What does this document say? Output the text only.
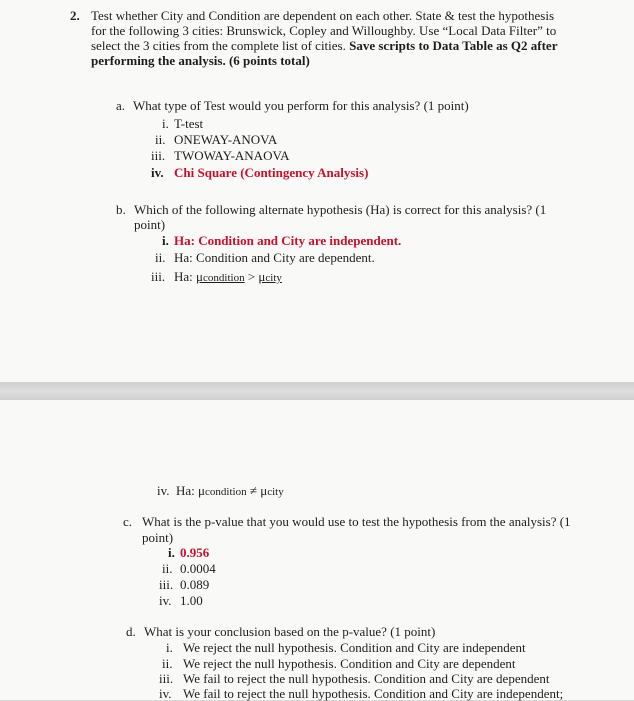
2. Test whether City and Condition are dependent on each other. State & test the hypothesis
for the following 3 cities: Brunswick, Copley and Willoughby. Use “Local Data Filter” to
select the 3 cities from the complete list of cities. Save scripts to Data Table as Q2 after
performing the analysis. (6 points total)
a. What type of Test would you perform for this analysis? (1 point)
i. T-test
ii. ONEWAY-ANOVA
iii. TWOWAY-ANAOVA
iv. Chi Square (Contingency Analysis)
b. Which of the following alternate hypothesis (Ha) is correct for this analysis? (1
point)
i. Ha: Condition and City are independent.
ii. Ha: Condition and City are dependent.
iii. Ha: μcondition > μcity
iv. Ha: μcondition ≠ μcity
c. What is the p-value that you would use to test the hypothesis from the analysis? (1
point)
i. 0.956
ii. 0.0004
iii. 0.089
iv. 1.00
d. What is your conclusion based on the p-value? (1 point)
i. We reject the null hypothesis. Condition and City are independent
ii. We reject the null hypothesis. Condition and City are dependent
iii. We fail to reject the null hypothesis. Condition and City are dependent
iv. We fail to reject the null hypothesis. Condition and City are independent;
